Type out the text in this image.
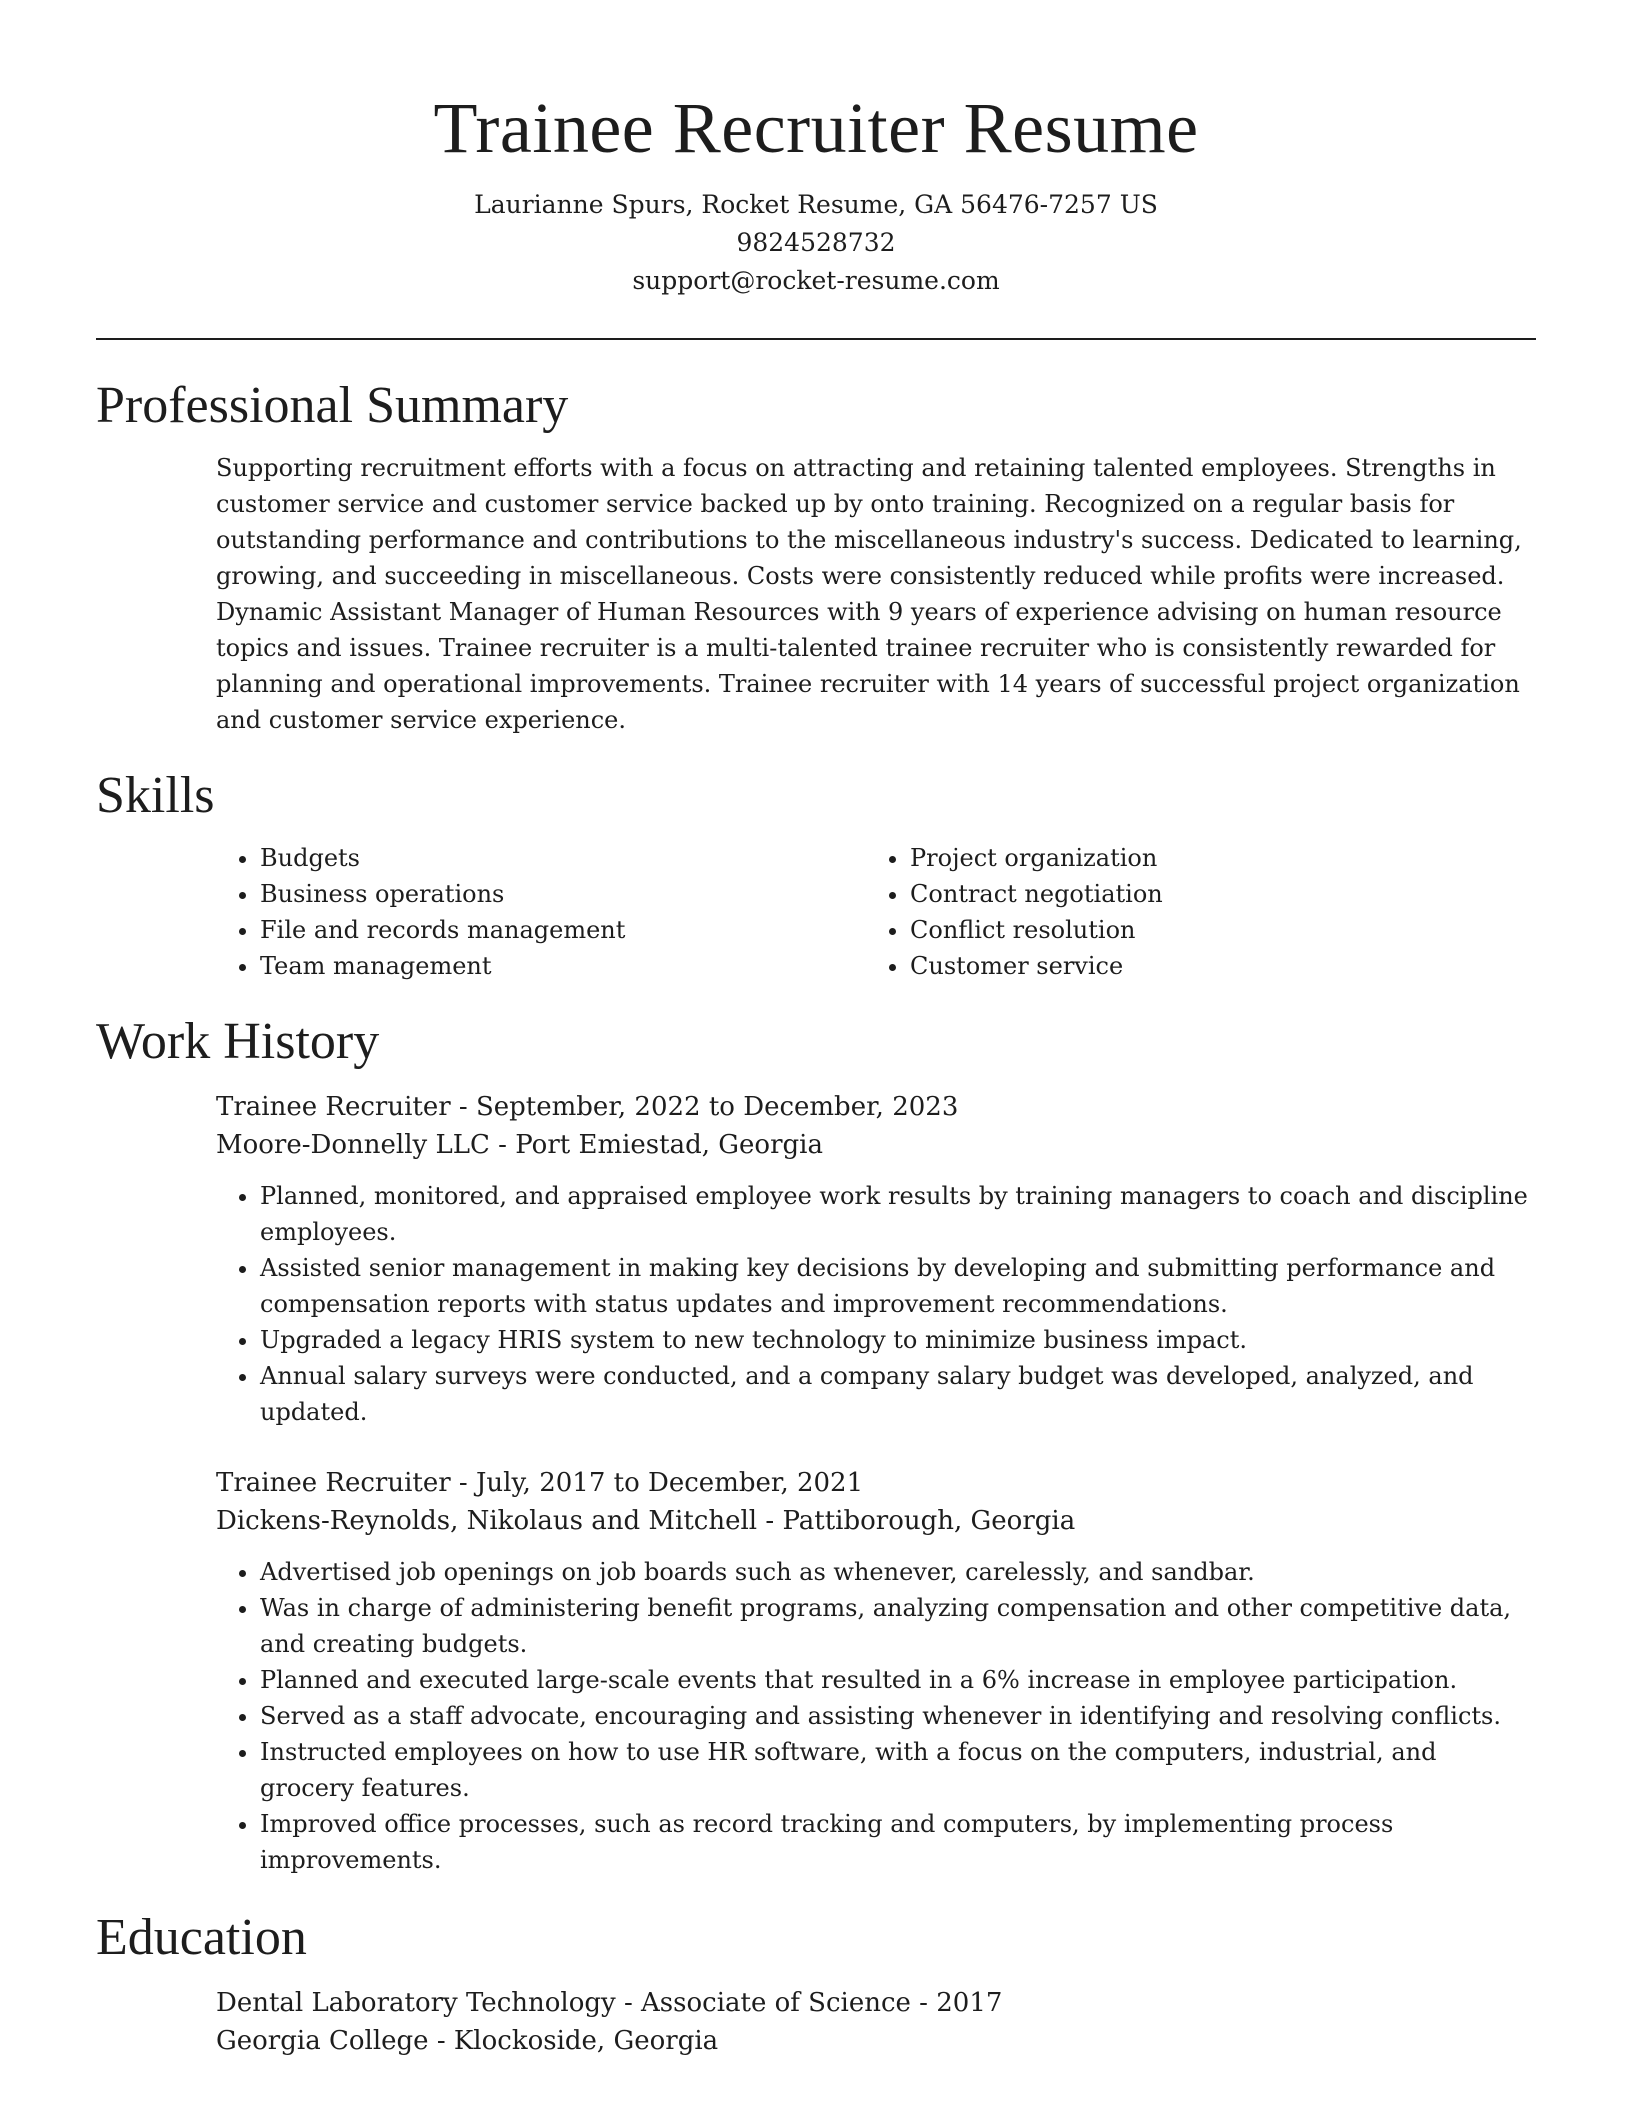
Trainee Recruiter Resume
Laurianne Spurs, Rocket Resume, GA 56476-7257 US
9824528732
support@rocket-resume.com
Professional Summary
Supporting recruitment efforts with a focus on attracting and retaining talented employees. Strengths in customer service and customer service backed up by onto training. Recognized on a regular basis for outstanding performance and contributions to the miscellaneous industry's success. Dedicated to learning, growing, and succeeding in miscellaneous. Costs were consistently reduced while profits were increased. Dynamic Assistant Manager of Human Resources with 9 years of experience advising on human resource topics and issues. Trainee recruiter is a multi-talented trainee recruiter who is consistently rewarded for planning and operational improvements. Trainee recruiter with 14 years of successful project organization and customer service experience.
Skills
• Budgets
• Business operations
• File and records management
• Team management
• Project organization
• Contract negotiation
• Conflict resolution
• Customer service
Work History
Trainee Recruiter - September, 2022 to December, 2023
Moore-Donnelly LLC - Port Emiestad, Georgia
• Planned, monitored, and appraised employee work results by training managers to coach and discipline employees.
• Assisted senior management in making key decisions by developing and submitting performance and compensation reports with status updates and improvement recommendations.
• Upgraded a legacy HRIS system to new technology to minimize business impact.
• Annual salary surveys were conducted, and a company salary budget was developed, analyzed, and updated.
Trainee Recruiter - July, 2017 to December, 2021
Dickens-Reynolds, Nikolaus and Mitchell - Pattiborough, Georgia
• Advertised job openings on job boards such as whenever, carelessly, and sandbar.
• Was in charge of administering benefit programs, analyzing compensation and other competitive data, and creating budgets.
• Planned and executed large-scale events that resulted in a 6% increase in employee participation.
• Served as a staff advocate, encouraging and assisting whenever in identifying and resolving conflicts.
• Instructed employees on how to use HR software, with a focus on the computers, industrial, and grocery features.
• Improved office processes, such as record tracking and computers, by implementing process improvements.
Education
Dental Laboratory Technology - Associate of Science - 2017
Georgia College - Klockoside, Georgia
